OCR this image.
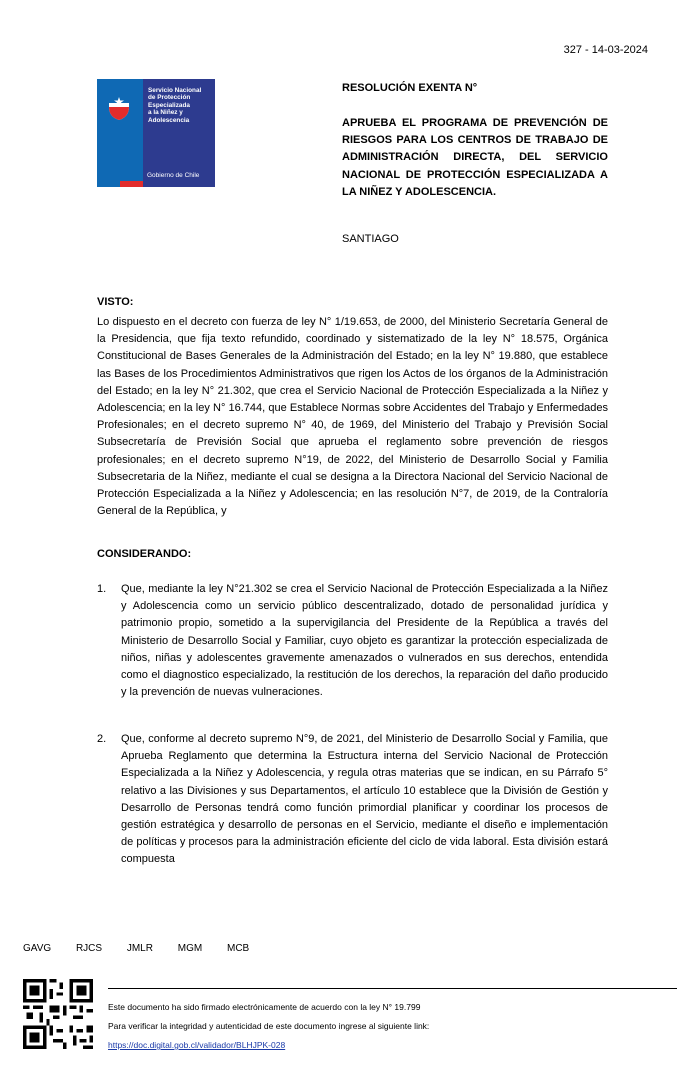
327 - 14-03-2024
Servicio Nacional
de Protección
Especializada
a la Niñez y
Adolescencia
Gobierno de Chile
RESOLUCIÓN EXENTA N°
APRUEBA EL PROGRAMA DE PREVENCIÓN DE RIESGOS PARA LOS CENTROS DE TRABAJO DE ADMINISTRACIÓN DIRECTA, DEL SERVICIO NACIONAL DE PROTECCIÓN ESPECIALIZADA A LA NIÑEZ Y ADOLESCENCIA.
SANTIAGO
VISTO:
Lo dispuesto en el decreto con fuerza de ley N° 1/19.653, de 2000, del Ministerio Secretaría General de la Presidencia, que fija texto refundido, coordinado y sistematizado de la ley N° 18.575, Orgánica Constitucional de Bases Generales de la Administración del Estado; en la ley N° 19.880, que establece las Bases de los Procedimientos Administrativos que rigen los Actos de los órganos de la Administración del Estado; en la ley N° 21.302, que crea el Servicio Nacional de Protección Especializada a la Niñez y Adolescencia; en la ley N° 16.744, que Establece Normas sobre Accidentes del Trabajo y Enfermedades Profesionales; en el decreto supremo N° 40, de 1969, del Ministerio del Trabajo y Previsión Social Subsecretaría de Previsión Social que aprueba el reglamento sobre prevención de riesgos profesionales; en el decreto supremo N°19, de 2022, del Ministerio de Desarrollo Social y Familia Subsecretaria de la Niñez, mediante el cual se designa a la Directora Nacional del Servicio Nacional de Protección Especializada a la Niñez y Adolescencia; en las resolución N°7, de 2019, de la Contraloría General de la República, y
CONSIDERANDO:
1. Que, mediante la ley N°21.302 se crea el Servicio Nacional de Protección Especializada a la Niñez y Adolescencia como un servicio público descentralizado, dotado de personalidad jurídica y patrimonio propio, sometido a la supervigilancia del Presidente de la República a través del Ministerio de Desarrollo Social y Familiar, cuyo objeto es garantizar la protección especializada de niños, niñas y adolescentes gravemente amenazados o vulnerados en sus derechos, entendida como el diagnostico especializado, la restitución de los derechos, la reparación del daño producido y la prevención de nuevas vulneraciones.
2. Que, conforme al decreto supremo N°9, de 2021, del Ministerio de Desarrollo Social y Familia, que Aprueba Reglamento que determina la Estructura interna del Servicio Nacional de Protección Especializada a la Niñez y Adolescencia, y regula otras materias que se indican, en su Párrafo 5° relativo a las Divisiones y sus Departamentos, el artículo 10 establece que la División de Gestión y Desarrollo de Personas tendrá como función primordial planificar y coordinar los procesos de gestión estratégica y desarrollo de personas en el Servicio, mediante el diseño e implementación de políticas y procesos para la administración eficiente del ciclo de vida laboral. Esta división estará compuesta
GAVG RJCS JMLR MGM MCB
Este documento ha sido firmado electrónicamente de acuerdo con la ley N° 19.799
Para verificar la integridad y autenticidad de este documento ingrese al siguiente link:
https://doc.digital.gob.cl/validador/BLHJPK-028
